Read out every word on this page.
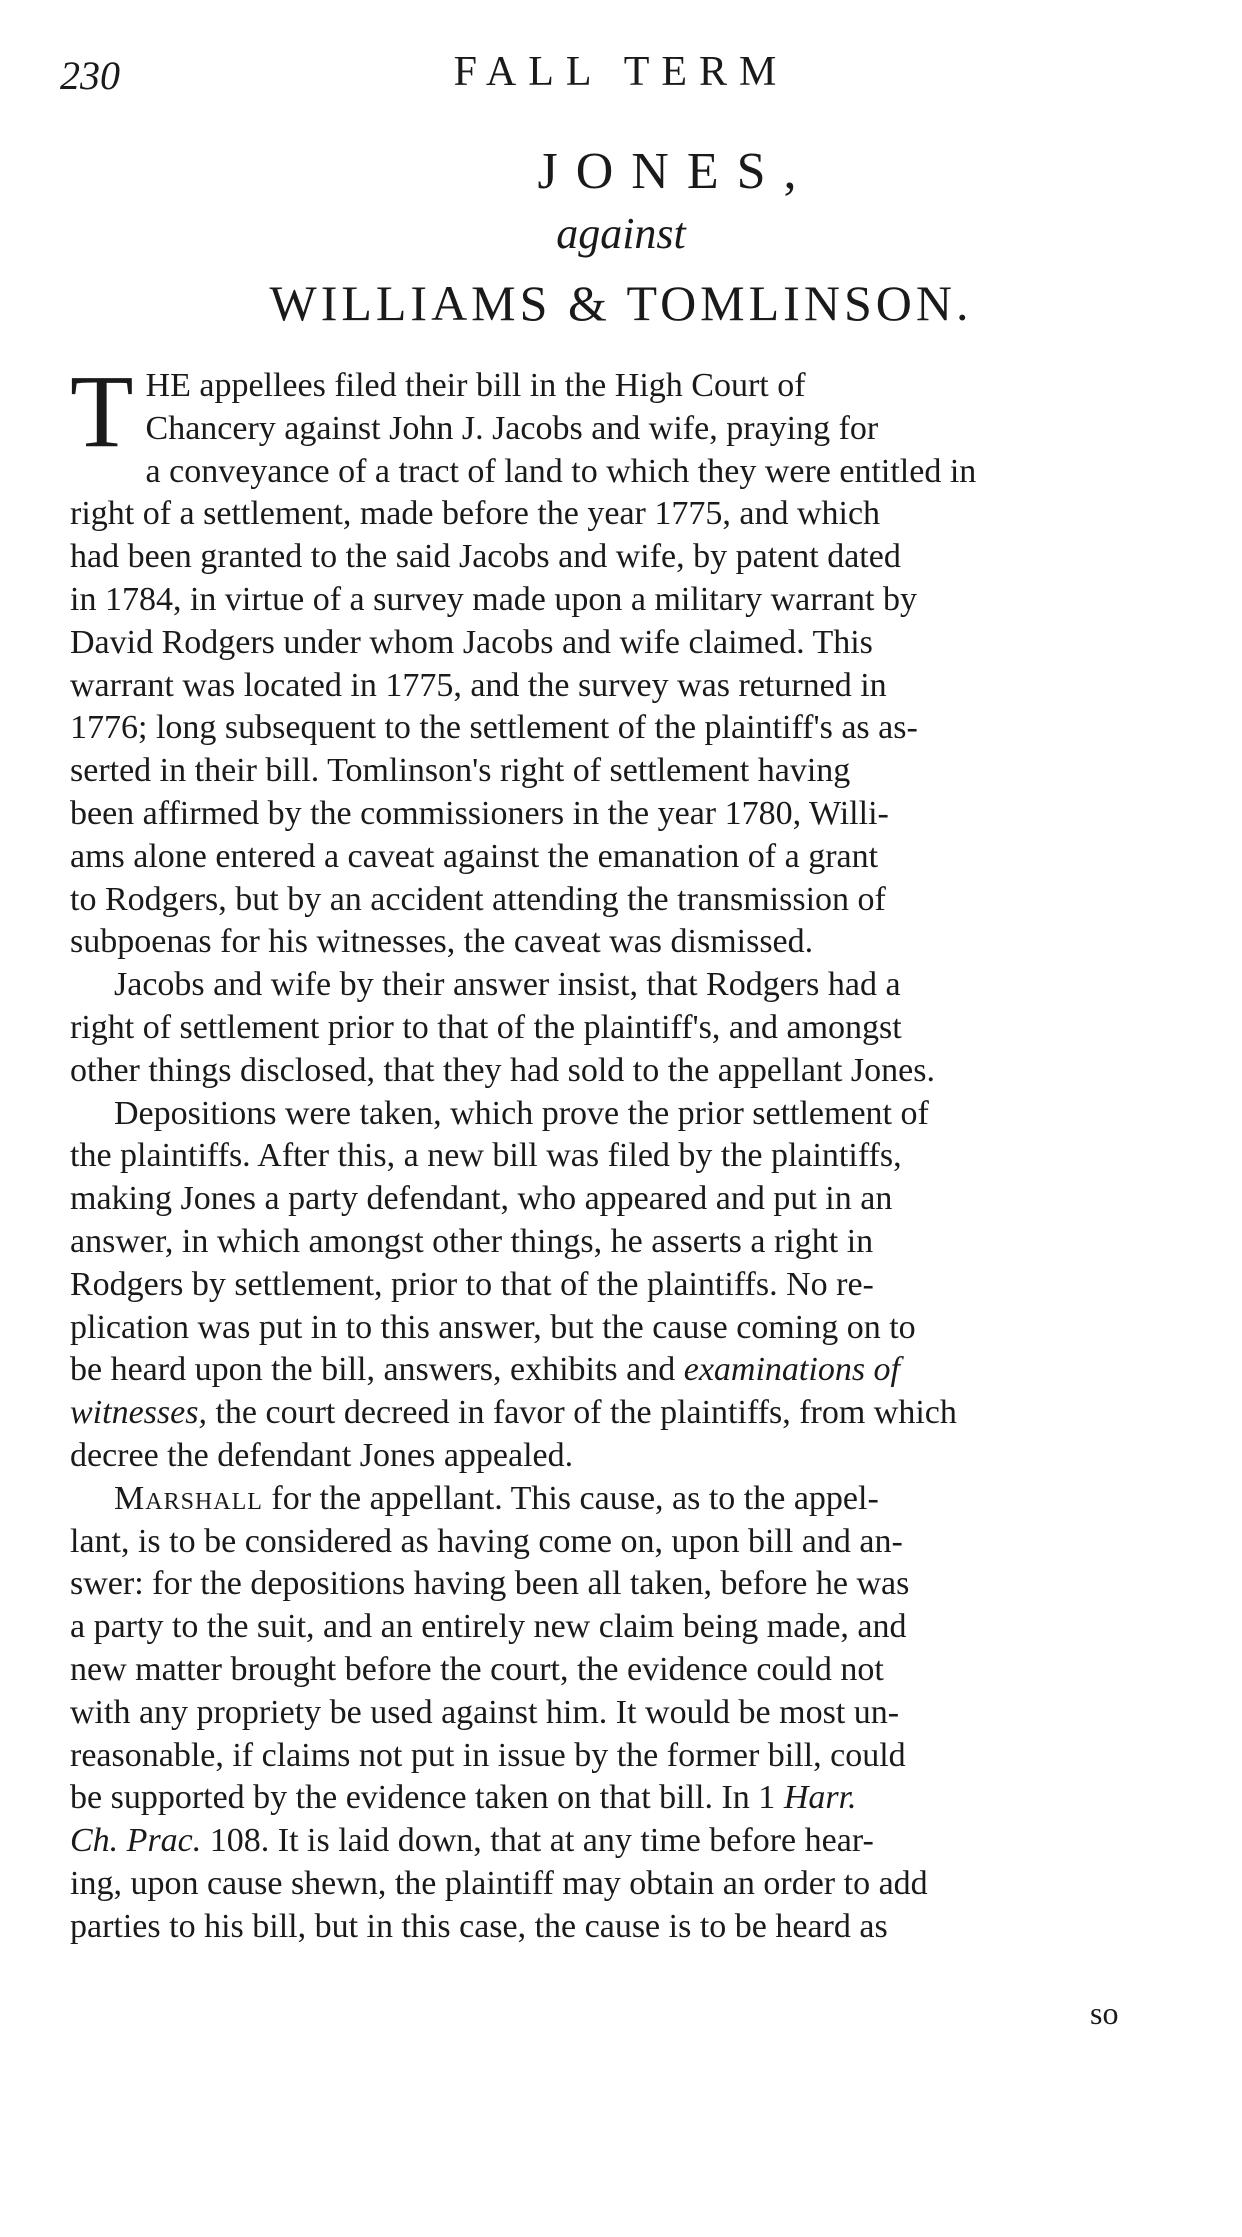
230	FALL TERM
JONES,
against
WILLIAMS & TOMLINSON.
T HE appellees filed their bill in the High Court of
Chancery against John J. Jacobs and wife, praying for
a conveyance of a tract of land to which they were entitled in
right of a settlement, made before the year 1775, and which
had been granted to the said Jacobs and wife, by patent dated
in 1784, in virtue of a survey made upon a military warrant by
David Rodgers under whom Jacobs and wife claimed. This
warrant was located in 1775, and the survey was returned in
1776; long subsequent to the settlement of the plaintiff's as as-
serted in their bill. Tomlinson's right of settlement having
been affirmed by the commissioners in the year 1780, Willi-
ams alone entered a caveat against the emanation of a grant
to Rodgers, but by an accident attending the transmission of
subpoenas for his witnesses, the caveat was dismissed.
Jacobs and wife by their answer insist, that Rodgers had a
right of settlement prior to that of the plaintiff's, and amongst
other things disclosed, that they had sold to the appellant Jones.
Depositions were taken, which prove the prior settlement of
the plaintiffs. After this, a new bill was filed by the plaintiffs,
making Jones a party defendant, who appeared and put in an
answer, in which amongst other things, he asserts a right in
Rodgers by settlement, prior to that of the plaintiffs. No re-
plication was put in to this answer, but the cause coming on to
be heard upon the bill, answers, exhibits and examinations of
witnesses, the court decreed in favor of the plaintiffs, from which
decree the defendant Jones appealed.
Marshall for the appellant. This cause, as to the appel-
lant, is to be considered as having come on, upon bill and an-
swer: for the depositions having been all taken, before he was
a party to the suit, and an entirely new claim being made, and
new matter brought before the court, the evidence could not
with any propriety be used against him. It would be most un-
reasonable, if claims not put in issue by the former bill, could
be supported by the evidence taken on that bill. In 1 Harr.
Ch. Prac. 108. It is laid down, that at any time before hear-
ing, upon cause shewn, the plaintiff may obtain an order to add
parties to his bill, but in this case, the cause is to be heard as
so
